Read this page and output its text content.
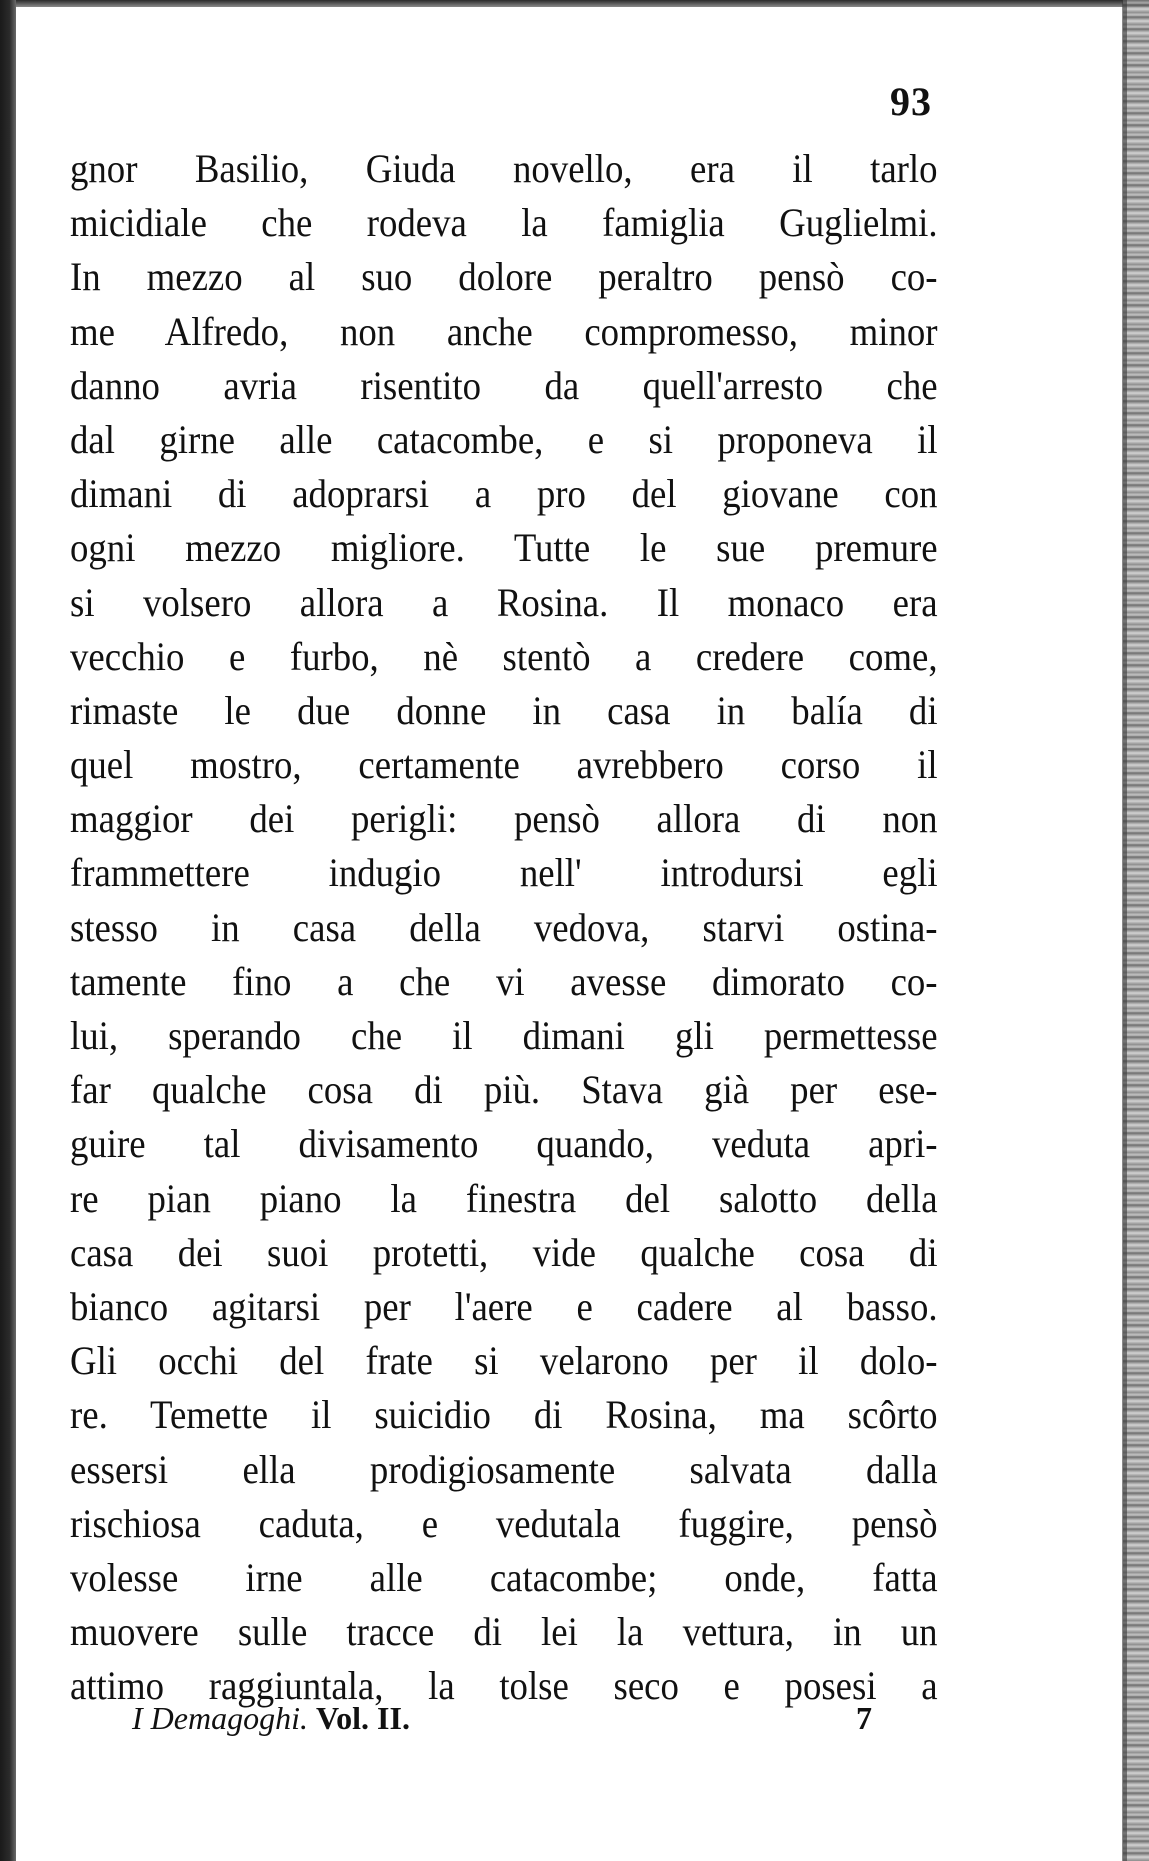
93
gnor Basilio, Giuda novello, era il tarlo
micidiale che rodeva la famiglia Guglielmi.
In mezzo al suo dolore peraltro pensò co-
me Alfredo, non anche compromesso, minor
danno avria risentito da quell'arresto che
dal girne alle catacombe, e si proponeva il
dimani di adoprarsi a pro del giovane con
ogni mezzo migliore. Tutte le sue premure
si volsero allora a Rosina. Il monaco era
vecchio e furbo, nè stentò a credere come,
rimaste le due donne in casa in balía di
quel mostro, certamente avrebbero corso il
maggior dei perigli: pensò allora di non
frammettere indugio nell' introdursi egli
stesso in casa della vedova, starvi ostina-
tamente fino a che vi avesse dimorato co-
lui, sperando che il dimani gli permettesse
far qualche cosa di più. Stava già per ese-
guire tal divisamento quando, veduta apri-
re pian piano la finestra del salotto della
casa dei suoi protetti, vide qualche cosa di
bianco agitarsi per l'aere e cadere al basso.
Gli occhi del frate si velarono per il dolo-
re. Temette il suicidio di Rosina, ma scôrto
essersi ella prodigiosamente salvata dalla
rischiosa caduta, e vedutala fuggire, pensò
volesse irne alle catacombe; onde, fatta
muovere sulle tracce di lei la vettura, in un
attimo raggiuntala, la tolse seco e posesi a
I Demagoghi. Vol. II.	7
